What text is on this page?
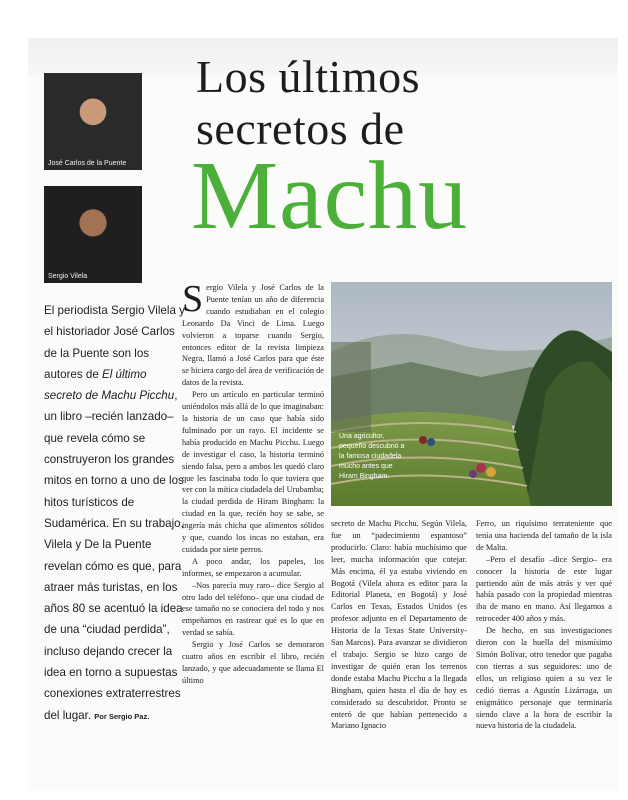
José Carlos de la Puente
Sergio Vilela
Los últimos
secretos de
Machu
El periodista Sergio Vilela y el historiador José Carlos de la Puente son los autores de El último secreto de Machu Picchu, un libro –recién lanzado– que revela cómo se construyeron los grandes mitos en torno a uno de los hitos turísticos de Sudamérica. En su trabajo, Vilela y De la Puente revelan cómo es que, para atraer más turistas, en los años 80 se acentuó la idea de una “ciudad perdida”, incluso dejando crecer la idea en torno a supuestas conexiones extraterrestres del lugar. Por Sergio Paz.
S ergio Vilela y José Carlos de la Puente tenían un año de diferencia cuando estudiaban en el colegio Leonardo Da Vinci de Lima. Luego volvieron a toparse cuando Sergio, entonces editor de la revista limpieza Negra, llamó a José Carlos para que éste se hiciera cargo del área de verificación de datos de la revista.

Pero un artículo en particular terminó uniéndolos más allá de lo que imaginaban: la historia de un caso que había sido fulminado por un rayo. El incidente se había producido en Machu Picchu. Luego de investigar el caso, la historia terminó siendo falsa, pero a ambos les quedó claro que les fascinaba todo lo que tuviera que ver con la mítica ciudadela del Urubamba; la ciudad perdida de Hiram Bingham: la ciudad en la que, recién hoy se sabe, se ingería más chicha que alimentos sólidos y que, cuando los incas no estaban, era cuidada por siete perros.

A poco andar, los papeles, los informes, se empezaron a acumular.

–Nos parecía muy raro– dice Sergio al otro lado del teléfono– que una ciudad de ese tamaño no se conociera del todo y nos empeñamos en rastrear qué es lo que en verdad se sabía.

Sergio y José Carlos se demoraron cuatro años en escribir el libro, recién lanzado, y que adecuadamente se llama El último

Una agricultor, pequeño descubrió a la famosa ciudadela mucho antes que Hiram Bingham.

secreto de Machu Picchu. Según Vilela, fue un “padecimiento espantoso” producirlo. Claro: había muchísimo que leer, mucha información que cotejar. Más encima, él ya estaba viviendo en Bogotá (Vilela ahora es editor para la Editorial Planeta, en Bogotá) y José Carlos en Texas, Estados Unidos (es profesor adjunto en el Departamento de Historia de la Texas State University-San Marcos). Para avanzar se dividieron el trabajo. Sergio se hizo cargo de investigar de quién eran los terrenos donde estaba Machu Picchu a la llegada Bingham, quien hasta el día de hoy es considerado su descubridor. Pronto se enteró de que habían pertenecido a Mariano Ignacio

Ferro, un riquísimo terrateniente que tenía una hacienda del tamaño de la isla de Malta.

–Pero el desafío –dice Sergio– era conocer la historia de este lugar partiendo aún de más atrás y ver qué había pasado con la propiedad mientras iba de mano en mano. Así llegamos a retroceder 400 años y más.

De hecho, en sus investigaciones dieron con la huella del mismísimo Simón Bolívar, otro tenedor que pagaba con tierras a sus seguidores: uno de ellos, un religioso quien a su vez le cedió tierras a Agustín Lizárraga, un enigmático personaje que terminaría siendo clave a la hora de escribir la nueva historia de la ciudadela.
